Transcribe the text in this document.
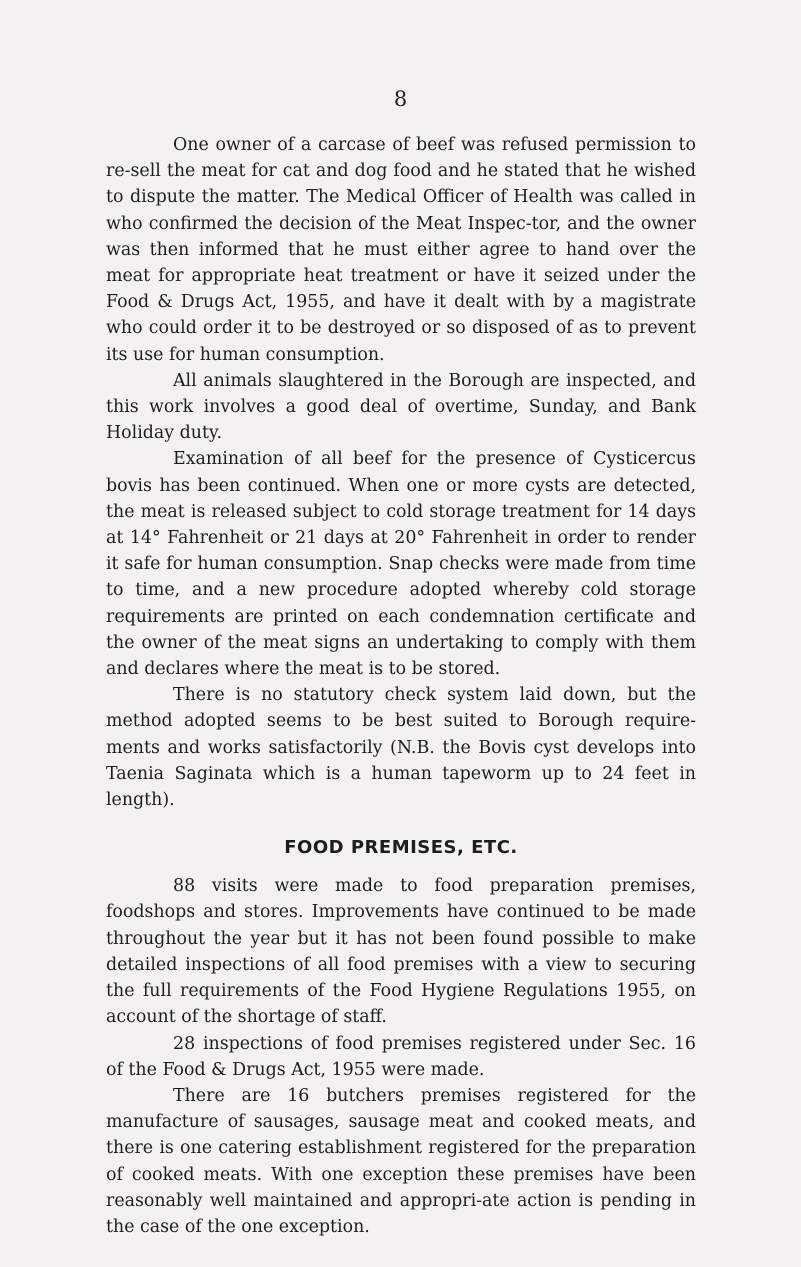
8

One owner of a carcase of beef was refused permission to re-sell the meat for cat and dog food and he stated that he wished to dispute the matter. The Medical Officer of Health was called in who confirmed the decision of the Meat Inspec-tor, and the owner was then informed that he must either agree to hand over the meat for appropriate heat treatment or have it seized under the Food & Drugs Act, 1955, and have it dealt with by a magistrate who could order it to be destroyed or so disposed of as to prevent its use for human consumption.

All animals slaughtered in the Borough are inspected, and this work involves a good deal of overtime, Sunday, and Bank Holiday duty.

Examination of all beef for the presence of Cysticercus bovis has been continued. When one or more cysts are detected, the meat is released subject to cold storage treatment for 14 days at 14° Fahrenheit or 21 days at 20° Fahrenheit in order to render it safe for human consumption. Snap checks were made from time to time, and a new procedure adopted whereby cold storage requirements are printed on each condemnation certificate and the owner of the meat signs an undertaking to comply with them and declares where the meat is to be stored.

There is no statutory check system laid down, but the method adopted seems to be best suited to Borough require-ments and works satisfactorily (N.B. the Bovis cyst develops into Taenia Saginata which is a human tapeworm up to 24 feet in length).

FOOD PREMISES, ETC.

88 visits were made to food preparation premises, foodshops and stores. Improvements have continued to be made throughout the year but it has not been found possible to make detailed inspections of all food premises with a view to securing the full requirements of the Food Hygiene Regulations 1955, on account of the shortage of staff.

28 inspections of food premises registered under Sec. 16 of the Food & Drugs Act, 1955 were made.

There are 16 butchers premises registered for the manufacture of sausages, sausage meat and cooked meats, and there is one catering establishment registered for the preparation of cooked meats. With one exception these premises have been reasonably well maintained and appropri-ate action is pending in the case of the one exception.
